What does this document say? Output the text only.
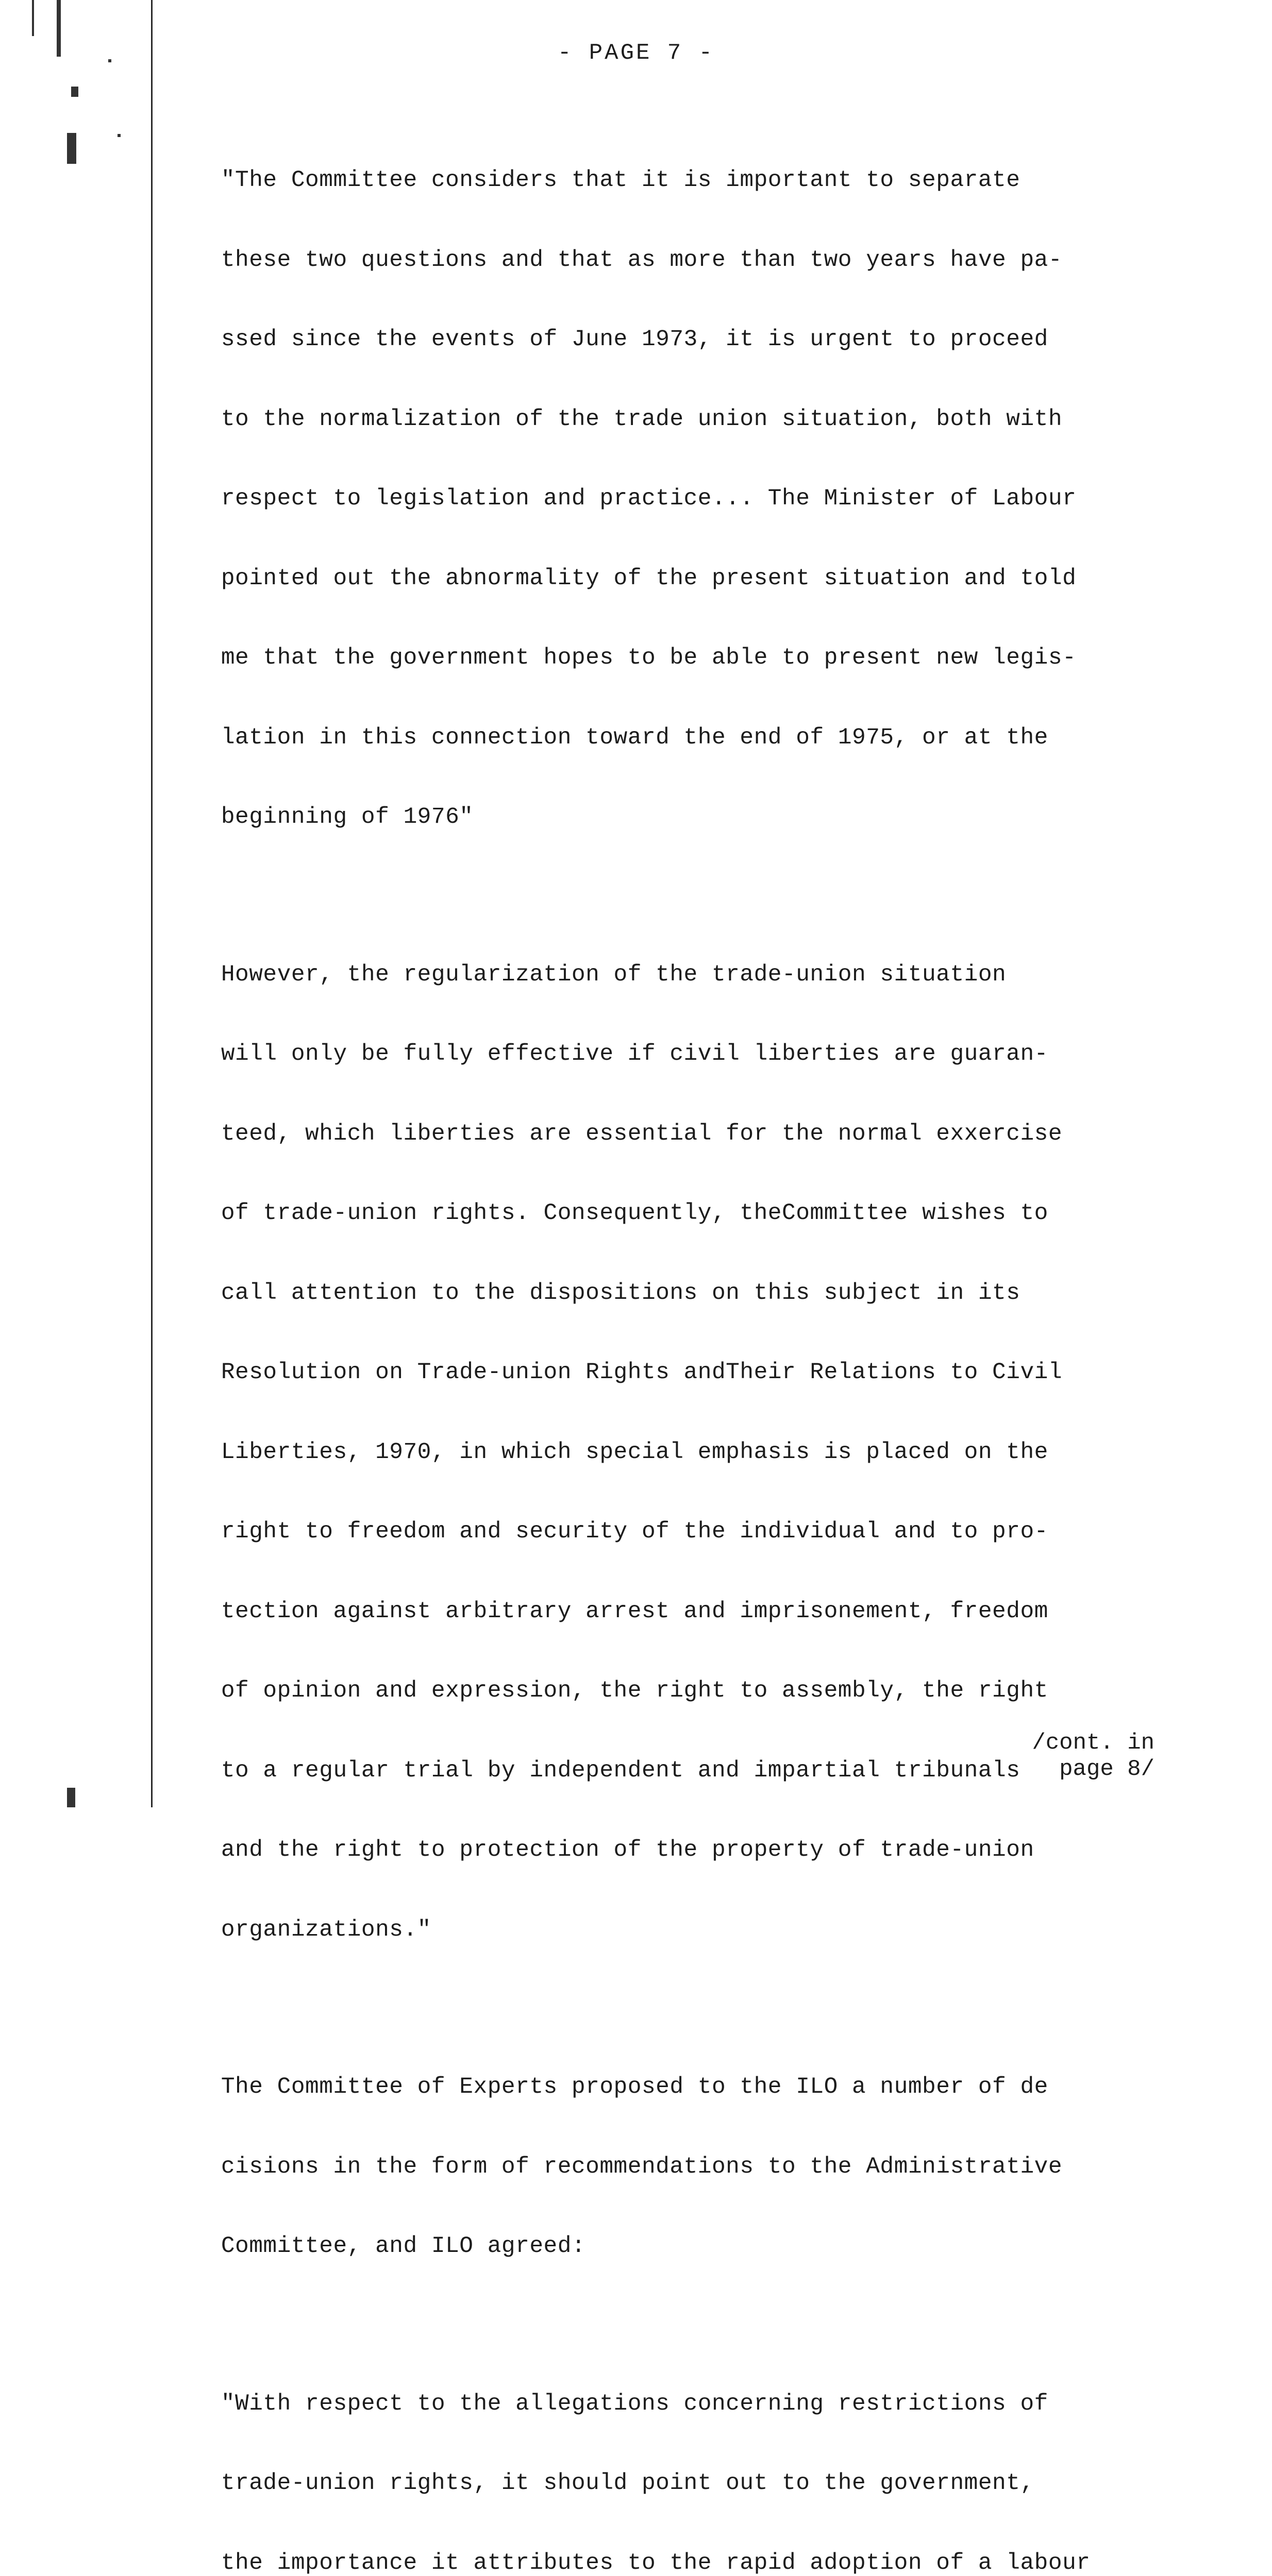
- PAGE 7 -

"The Committee considers that it is important to separate

these two questions and that as more than two years have pa-

ssed since the events of June 1973, it is urgent to proceed

to the normalization of the trade union situation, both with

respect to legislation and practice... The Minister of Labour

pointed out the abnormality of the present situation and told

me that the government hopes to be able to present new legis-

lation in this connection toward the end of 1975, or at the

beginning of 1976"

However, the regularization of the trade-union situation

will only be fully effective if civil liberties are guaran-

teed, which liberties are essential for the normal exxercise

of trade-union rights. Consequently, theCommittee wishes to

call attention to the dispositions on this subject in its

Resolution on Trade-union Rights andTheir Relations to Civil

Liberties, 1970, in which special emphasis is placed on the

right to freedom and security of the individual and to pro-

tection against arbitrary arrest and imprisonement, freedom

of opinion and expression, the right to assembly, the right

to a regular trial by independent and impartial tribunals

and the right to protection of the property of trade-union

organizations."

The Committee of Experts proposed to the ILO a number of de

cisions in the form of recommendations to the Administrative

Committee, and ILO agreed:

"With respect to the allegations concerning restrictions of

trade-union rights, it should point out to the government,

the importance it attributes to the rapid adoption of a labour

/cont. in
page 8/
